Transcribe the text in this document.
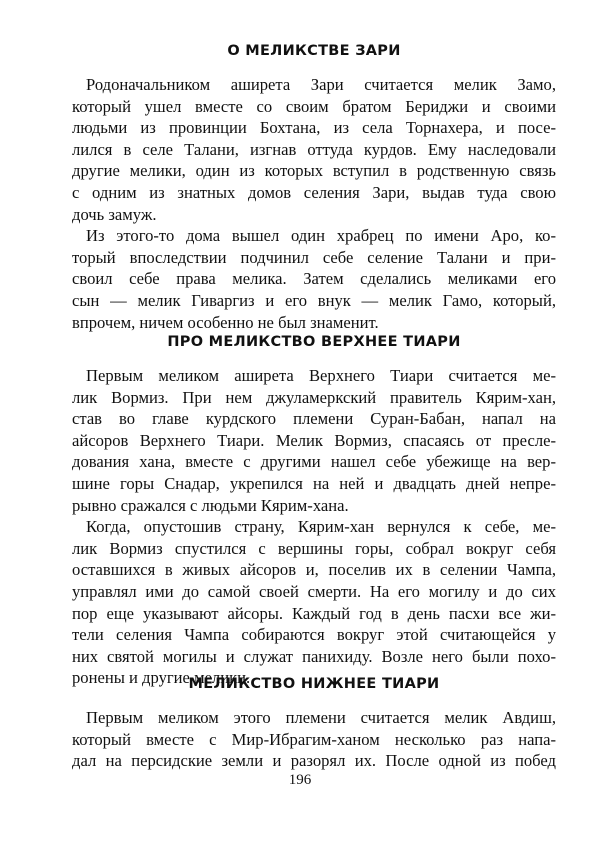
О МЕЛИКСТВЕ ЗАРИ

Родоначальником аширета Зари считается мелик Замо,
который ушел вместе со своим братом Бериджи и своими
людьми из провинции Бохтана, из села Торнахера, и посе-
лился в селе Талани, изгнав оттуда курдов. Ему наследовали
другие мелики, один из которых вступил в родственную связь
с одним из знатных домов селения Зари, выдав туда свою
дочь замуж.

Из этого-то дома вышел один храбрец по имени Аро, ко-
торый впоследствии подчинил себе селение Талани и при-
своил себе права мелика. Затем сделались меликами его
сын — мелик Гиваргиз и его внук — мелик Гамо, который,
впрочем, ничем особенно не был знаменит.

ПРО МЕЛИКСТВО ВЕРХНЕЕ ТИАРИ

Первым меликом аширета Верхнего Тиари считается ме-
лик Вормиз. При нем джуламеркский правитель Кярим-хан,
став во главе курдского племени Суран-Бабан, напал на
айсоров Верхнего Тиари. Мелик Вормиз, спасаясь от пресле-
дования хана, вместе с другими нашел себе убежище на вер-
шине горы Снадар, укрепился на ней и двадцать дней непре-
рывно сражался с людьми Кярим-хана.

Когда, опустошив страну, Кярим-хан вернулся к себе, ме-
лик Вормиз спустился с вершины горы, собрал вокруг себя
оставшихся в живых айсоров и, поселив их в селении Чампа,
управлял ими до самой своей смерти. На его могилу и до сих
пор еще указывают айсоры. Каждый год в день пасхи все жи-
тели селения Чампа собираются вокруг этой считающейся у
них святой могилы и служат панихиду. Возле него были похо-
ронены и другие мелики.

МЕЛИКСТВО НИЖНЕЕ ТИАРИ

Первым меликом этого племени считается мелик Авдиш,
который вместе с Мир-Ибрагим-ханом несколько раз напа-
дал на персидские земли и разорял их. После одной из побед

196
